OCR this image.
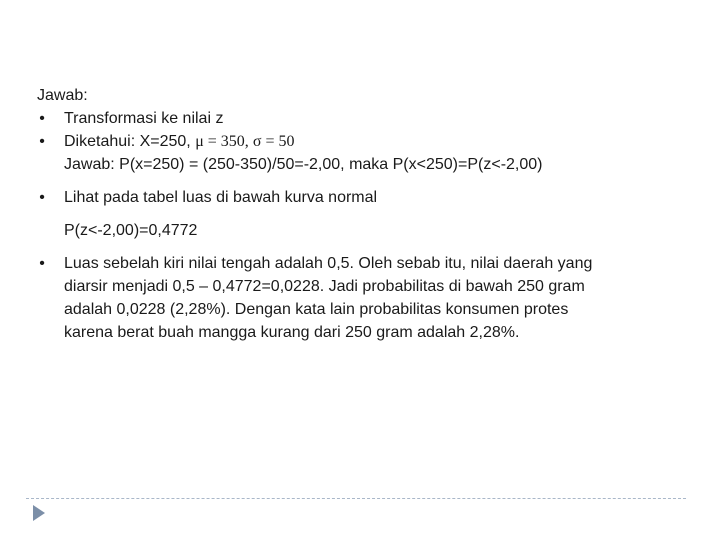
Jawab:
• Transformasi ke nilai z
• Diketahui: X=250, μ = 350, σ = 50
Jawab: P(x=250) = (250-350)/50=-2,00, maka P(x<250)=P(z<-2,00)
• Lihat pada tabel luas di bawah kurva normal
P(z<-2,00)=0,4772
• Luas sebelah kiri nilai tengah adalah 0,5. Oleh sebab itu, nilai daerah yang
diarsir menjadi 0,5 – 0,4772=0,0228. Jadi probabilitas di bawah 250 gram
adalah 0,0228 (2,28%). Dengan kata lain probabilitas konsumen protes
karena berat buah mangga kurang dari 250 gram adalah 2,28%.
